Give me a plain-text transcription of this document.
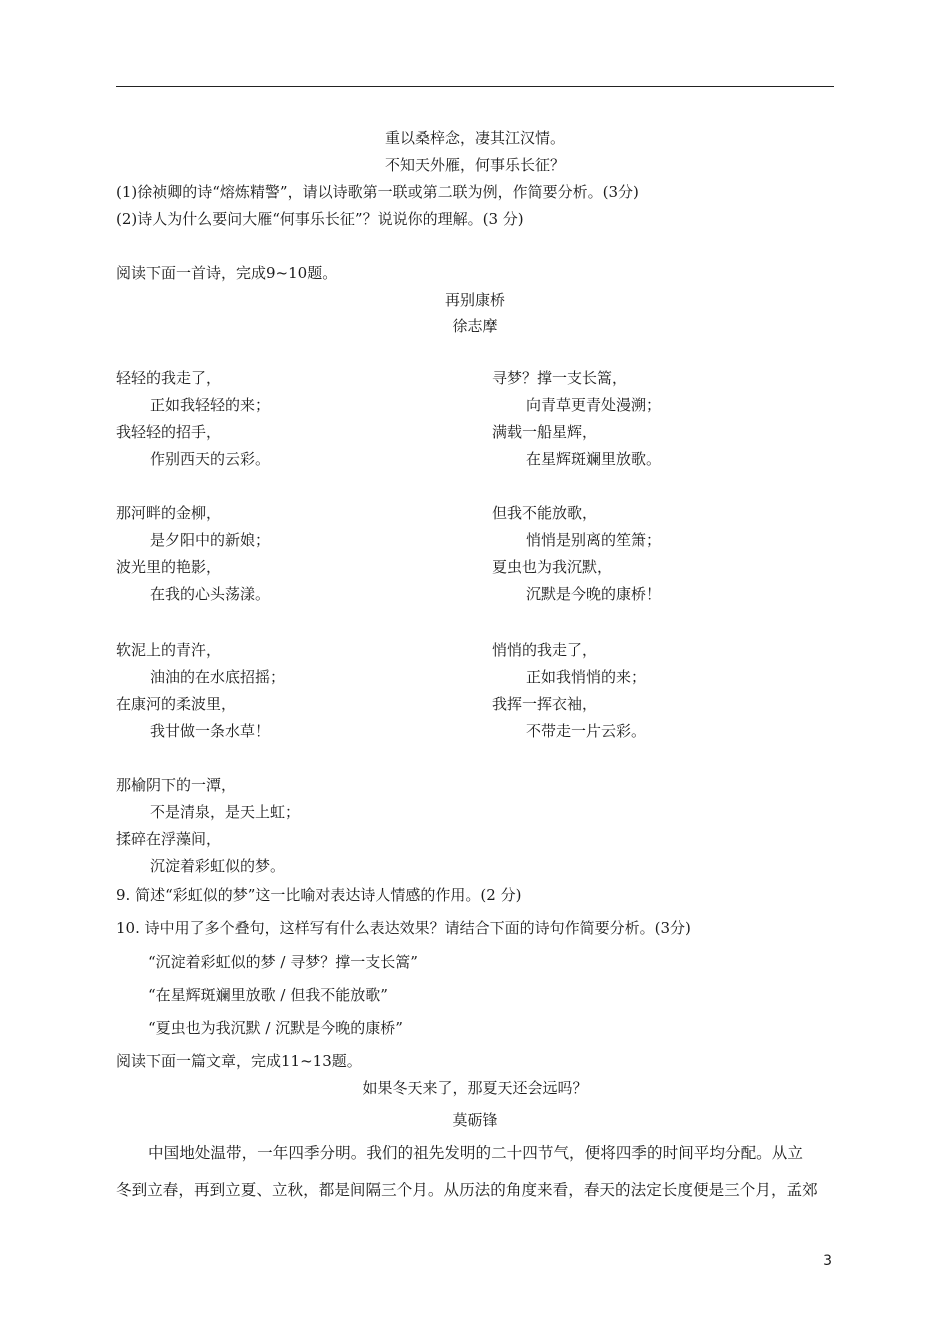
重以桑梓念，凄其江汉情。
不知天外雁，何事乐长征？
(1)徐祯卿的诗“熔炼精警”，请以诗歌第一联或第二联为例，作简要分析。(3分)
(2)诗人为什么要问大雁“何事乐长征”？说说你的理解。(3 分)
阅读下面一首诗，完成9~10题。
再别康桥
徐志摩
轻轻的我走了，
正如我轻轻的来；
我轻轻的招手，
作别西天的云彩。
那河畔的金柳，
是夕阳中的新娘；
波光里的艳影，
在我的心头荡漾。
软泥上的青汻，
油油的在水底招摇；
在康河的柔波里，
我甘做一条水草！
那榆阴下的一潭，
不是清泉，是天上虹；
揉碎在浮藻间，
沉淀着彩虹似的梦。
寻梦？撑一支长篙，
向青草更青处漫溯；
满载一船星辉，
在星辉斑斓里放歌。
但我不能放歌，
悄悄是别离的笙箫；
夏虫也为我沉默，
沉默是今晚的康桥！
悄悄的我走了，
正如我悄悄的来；
我挥一挥衣袖，
不带走一片云彩。
9. 简述“彩虹似的梦”这一比喻对表达诗人情感的作用。(2 分)
10. 诗中用了多个叠句，这样写有什么表达效果？请结合下面的诗句作简要分析。(3分)
“沉淀着彩虹似的梦 / 寻梦？撑一支长篙”
“在星辉斑斓里放歌 / 但我不能放歌”
“夏虫也为我沉默 / 沉默是今晚的康桥”
阅读下面一篇文章，完成11~13题。
如果冬天来了，那夏天还会远吗？
莫砺锋
中国地处温带，一年四季分明。我们的祖先发明的二十四节气，便将四季的时间平均分配。从立
冬到立春，再到立夏、立秋，都是间隔三个月。从历法的角度来看，春天的法定长度便是三个月，孟郊
3
